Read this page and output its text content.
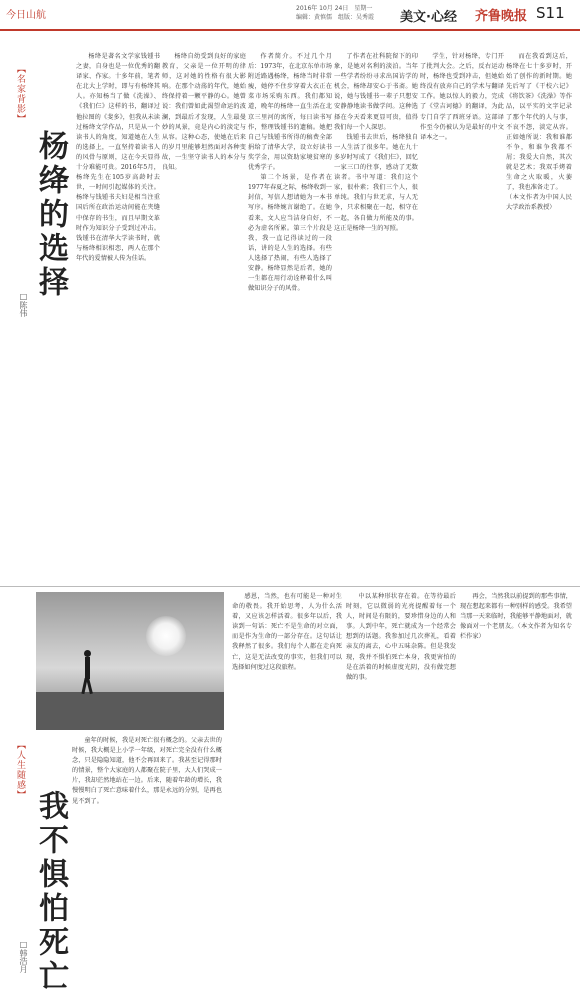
今日山航
2016年 10月 24日　星期一
编辑：黄慎儒　组版：吴秀霞	美文·心经 齐鲁晚报 S11
【名家背影】
杨绛的选择
□陈伟

杨绛是著名文学家钱锺书之妻，自身也是一位优秀的翻译家、作家。十多年前，笔者在北大上学时，即与有杨绛其人。亦知杨当了做《洗澡》、《我们仨》这样的书，翻译过他拉图的《斐多》，但我从未读过杨绛文学作品，只是从一个读书人的角度，知道她在人生的选择上，一直坚持着读书人的风骨与原则，这在今天显得十分难能可贵。2016年5月，杨绛先生在105岁高龄时去世，一时间引起媒体的关注。杨绛与钱锺书夫妇是相当注重国后所在政治运动间能在夹缝中保存的书生，而且早期文革时作为知识分子受到过冲击。钱锺书在清华大学读书时，就与杨绛相识相恋，两人在那个年代的爱情被人传为佳话。

杨绛自幼受到良好的家庭教育，父亲是一位开明的律师，这对她的性格有很大影响。在那个动荡的年代，她始终保持着一颗平静的心。她曾说：我们曾如此渴望命运的波澜，到最后才发现，人生最曼妙的风景，竟是内心的淡定与从容。这种心态，使她在后来的岁月里能够坦然面对各种变故，一生坚守读书人的本分与良知。

作者简介。不过几个月后：1973年，在北京东单市场附近路遇杨绛，杨绛当时非常瘦，她停不住步穿着大衣正在菜市场采购东西。我们都知道，晚年的杨绛一直生活在北京三里河的寓所，每日读书写作，整理钱锺书的遗稿。她把自己与钱锺书所得的稿费全部捐给了清华大学，设立好读书奖学金，用以资助家境贫寒的优秀学子。

第二个场景，是作者在1977年春夏之际，杨绛收到一封信，写信人想请她为一本书写序。杨绛婉言谢绝了。在她看来，文人应当洁身自好，不必为虚名所累。第三个片段是我，我一直记得读过的一段话，讲的是人生的选择。有些人选择了热闹，有些人选择了安静。杨绛显然是后者，她的一生都在用行动诠释着什么叫做知识分子的风骨。

了作者在社科院留下的印象，是她对名利的淡泊。当年一些学者纷纷寻求出国访学的机会，杨绛却安心于书斋。她说，她与钱锺书一辈子只想安安静静地读书做学问。这种选择在今天看来更显可贵，值得我们每一个人深思。

钱锺书去世后，杨绛独自一人生活了很多年。她在九十多岁时写成了《我们仨》，回忆一家三口的往事，感动了无数读者。书中写道：我们这个家，很朴素；我们三个人，很单纯。我们与世无求，与人无争，只求相聚在一起，相守在一起，各自做力所能及的事。这正是杨绛一生的写照。

学生，针对杨绛，专门开了批判大会。之后，反右运动时，杨绛也受到冲击，但她始终没有放弃自己的学术与翻译工作。她以惊人的毅力，完成了《堂吉诃德》的翻译，为此专门自学了西班牙语。这部译作至今仍被认为是最好的中文译本之一。

而在我看到这后，杨绛在七十多岁时，开始了创作的新时期。她先后写了《干校六记》《将饮茶》《洗澡》等作品，以平实的文字记录了那个年代的人与事，不哀不怨，淡定从容。正如她所说：我和谁都不争，和谁争我都不屑；我爱大自然，其次就是艺术；我双手烤着生命之火取暖，火萎了，我也准备走了。

（本文作者为中国人民大学政治系教授）

【人生随感】
我不惧怕死亡
□韩浩月

童年的时候，我是对死亡很有概念的。父亲去世的时候，我大概是上小学一年级，对死亡完全没有什么概念，只是隐隐知道，他不会再回来了。我甚至记得那时的情景，整个大家庭的人都聚在院子里，大人们哭成一片，我却茫然地站在一边。后来，随着年龄的增长，我慢慢明白了死亡意味着什么，那是永远的分别，是再也见不到了。

感恩，当然，也有可能是一种对生命的敬畏。我开始思考，人为什么活着，又应该怎样活着。很多年以后，我读到一句话：死亡不是生命的对立面，而是作为生命的一部分存在。这句话让我释然了很多。我们每个人都在走向死亡，这是无法改变的事实，但我们可以选择如何度过这段旅程。

中以某种形状存在着。在等待最后时刻，它以微弱的光亮提醒着每一个人，时间是有限的，要珍惜身边的人和事。人到中年，死亡就成为一个经常会想到的话题。我参加过几次葬礼，看着亲友的离去，心中五味杂陈。但是我发现，我并不惧怕死亡本身，我更害怕的是在活着的时候虚度光阴，没有做完想做的事。

再会，当然我以前提到的那些事情，现在想起来都有一种别样的感受。我希望当那一天来临时，我能够平静地面对，就像面对一个老朋友。（本文作者为知名专栏作家）
